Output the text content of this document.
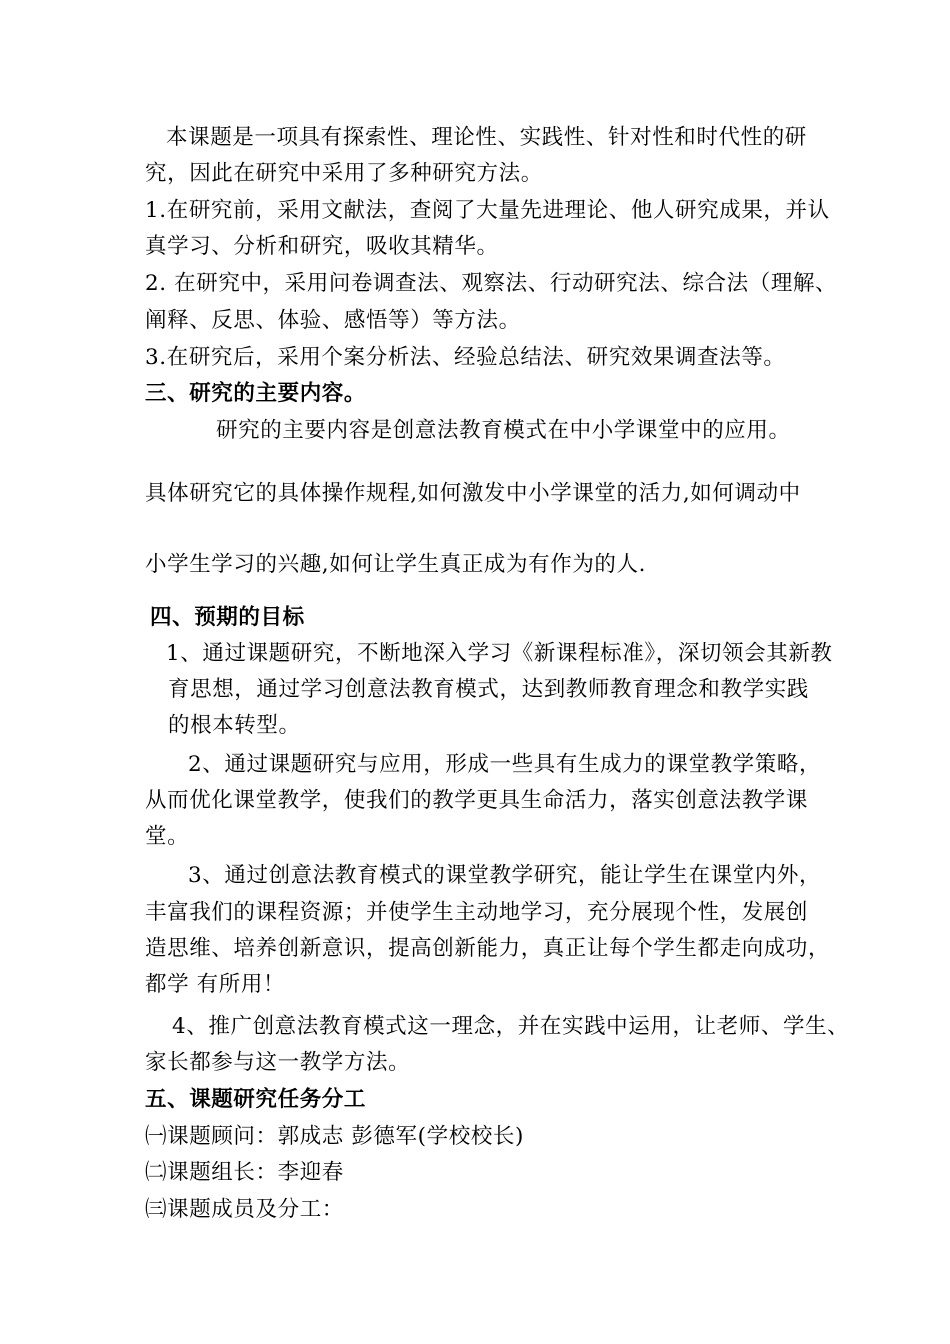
本课题是一项具有探索性、理论性、实践性、针对性和时代性的研
究，因此在研究中采用了多种研究方法。
1.在研究前，采用文献法，查阅了大量先进理论、他人研究成果，并认
真学习、分析和研究，吸收其精华。
2. 在研究中，采用问卷调查法、观察法、行动研究法、综合法（理解、
阐释、反思、体验、感悟等）等方法。
3.在研究后，采用个案分析法、经验总结法、研究效果调查法等。
三、研究的主要内容。
研究的主要内容是创意法教育模式在中小学课堂中的应用。
具体研究它的具体操作规程,如何激发中小学课堂的活力,如何调动中
小学生学习的兴趣,如何让学生真正成为有作为的人.
四、预期的目标
1、通过课题研究，不断地深入学习《新课程标准》，深切领会其新教
育思想，通过学习创意法教育模式，达到教师教育理念和教学实践
的根本转型。
2、通过课题研究与应用，形成一些具有生成力的课堂教学策略，
从而优化课堂教学，使我们的教学更具生命活力，落实创意法教学课
堂。
3、通过创意法教育模式的课堂教学研究，能让学生在课堂内外，
丰富我们的课程资源；并使学生主动地学习，充分展现个性，发展创
造思维、培养创新意识，提高创新能力，真正让每个学生都走向成功，
都学 有所用！
4、推广创意法教育模式这一理念，并在实践中运用，让老师、学生、
家长都参与这一教学方法。
五、课题研究任务分工
㈠课题顾问：郭成志 彭德军(学校校长)
㈡课题组长：李迎春
㈢课题成员及分工：
